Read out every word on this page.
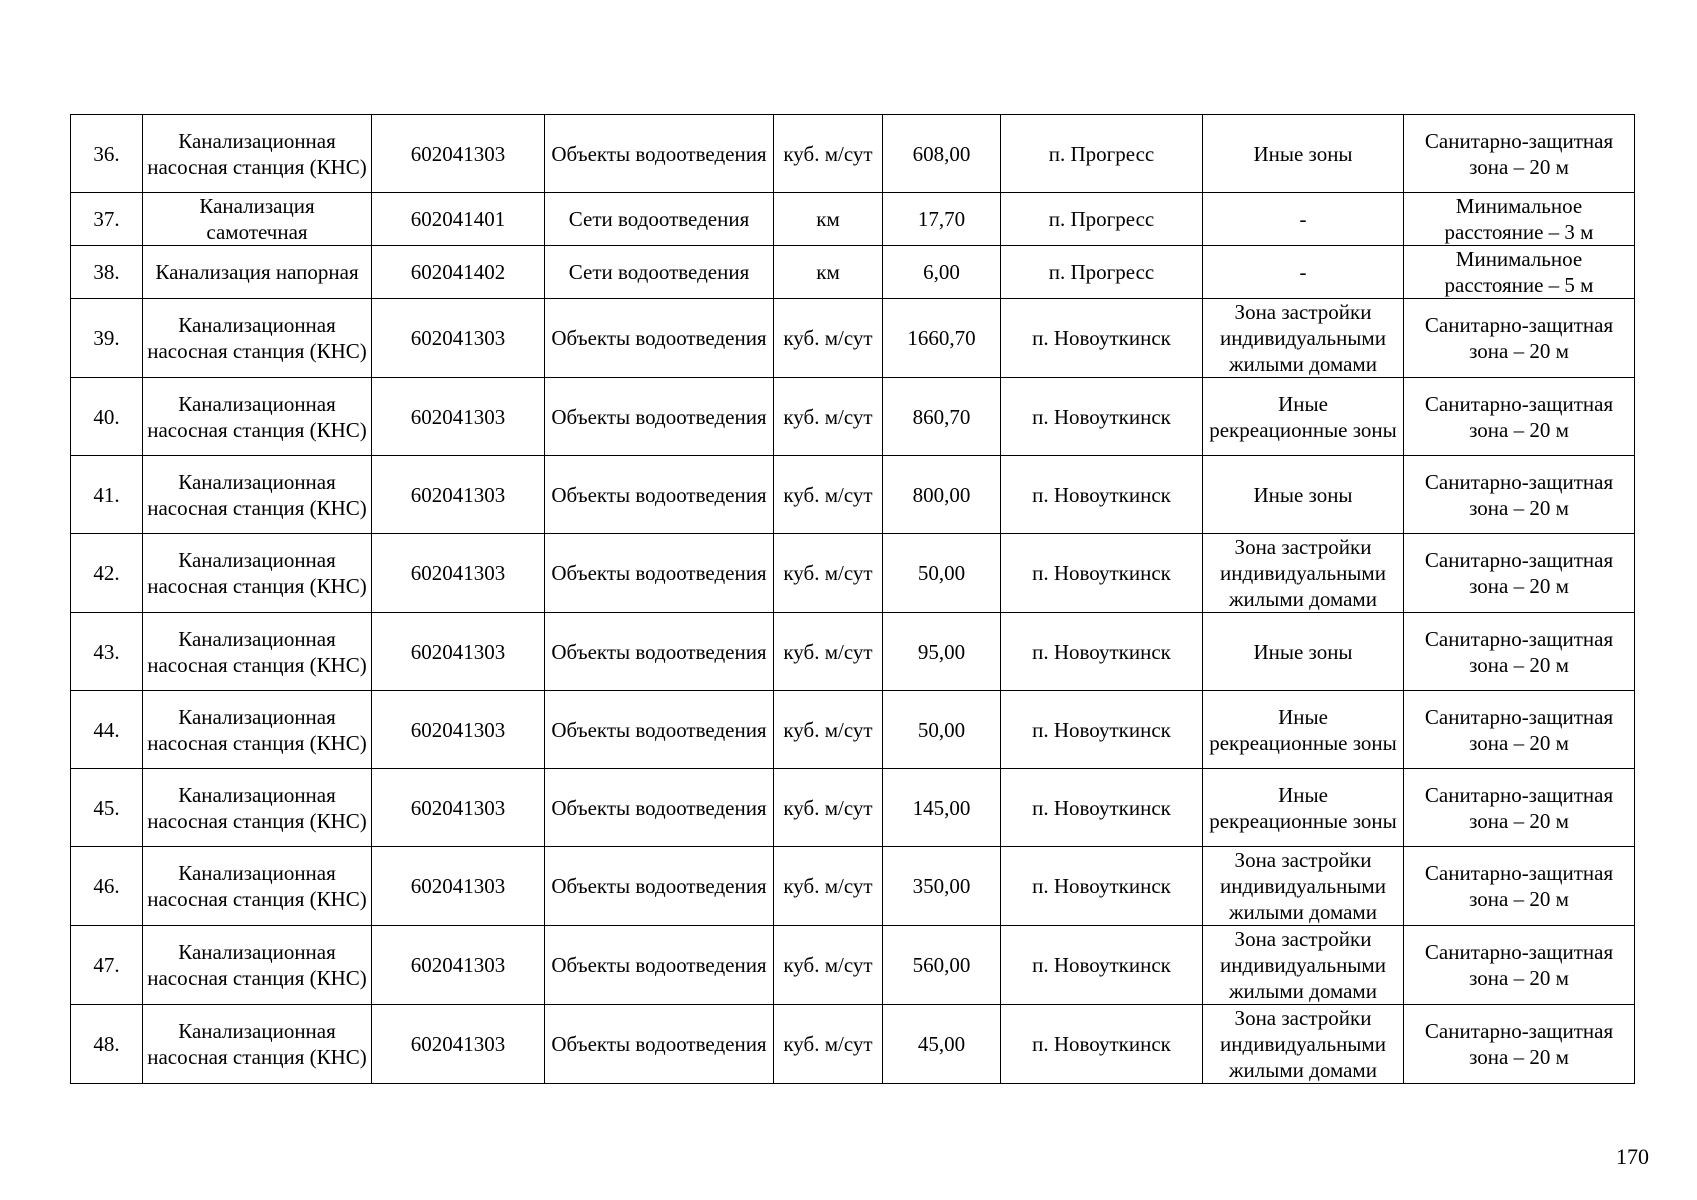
36.	Канализационная насосная станция (КНС)	602041303	Объекты водоотведения	куб. м/сут	608,00	п. Прогресс	Иные зоны	Санитарно-защитная зона – 20 м
37.	Канализация самотечная	602041401	Сети водоотведения	км	17,70	п. Прогресс	-	Минимальное расстояние – 3 м
38.	Канализация напорная	602041402	Сети водоотведения	км	6,00	п. Прогресс	-	Минимальное расстояние – 5 м
39.	Канализационная насосная станция (КНС)	602041303	Объекты водоотведения	куб. м/сут	1660,70	п. Новоуткинск	Зона застройки индивидуальными жилыми домами	Санитарно-защитная зона – 20 м
40.	Канализационная насосная станция (КНС)	602041303	Объекты водоотведения	куб. м/сут	860,70	п. Новоуткинск	Иные рекреационные зоны	Санитарно-защитная зона – 20 м
41.	Канализационная насосная станция (КНС)	602041303	Объекты водоотведения	куб. м/сут	800,00	п. Новоуткинск	Иные зоны	Санитарно-защитная зона – 20 м
42.	Канализационная насосная станция (КНС)	602041303	Объекты водоотведения	куб. м/сут	50,00	п. Новоуткинск	Зона застройки индивидуальными жилыми домами	Санитарно-защитная зона – 20 м
43.	Канализационная насосная станция (КНС)	602041303	Объекты водоотведения	куб. м/сут	95,00	п. Новоуткинск	Иные зоны	Санитарно-защитная зона – 20 м
44.	Канализационная насосная станция (КНС)	602041303	Объекты водоотведения	куб. м/сут	50,00	п. Новоуткинск	Иные рекреационные зоны	Санитарно-защитная зона – 20 м
45.	Канализационная насосная станция (КНС)	602041303	Объекты водоотведения	куб. м/сут	145,00	п. Новоуткинск	Иные рекреационные зоны	Санитарно-защитная зона – 20 м
46.	Канализационная насосная станция (КНС)	602041303	Объекты водоотведения	куб. м/сут	350,00	п. Новоуткинск	Зона застройки индивидуальными жилыми домами	Санитарно-защитная зона – 20 м
47.	Канализационная насосная станция (КНС)	602041303	Объекты водоотведения	куб. м/сут	560,00	п. Новоуткинск	Зона застройки индивидуальными жилыми домами	Санитарно-защитная зона – 20 м
48.	Канализационная насосная станция (КНС)	602041303	Объекты водоотведения	куб. м/сут	45,00	п. Новоуткинск	Зона застройки индивидуальными жилыми домами	Санитарно-защитная зона – 20 м
170
